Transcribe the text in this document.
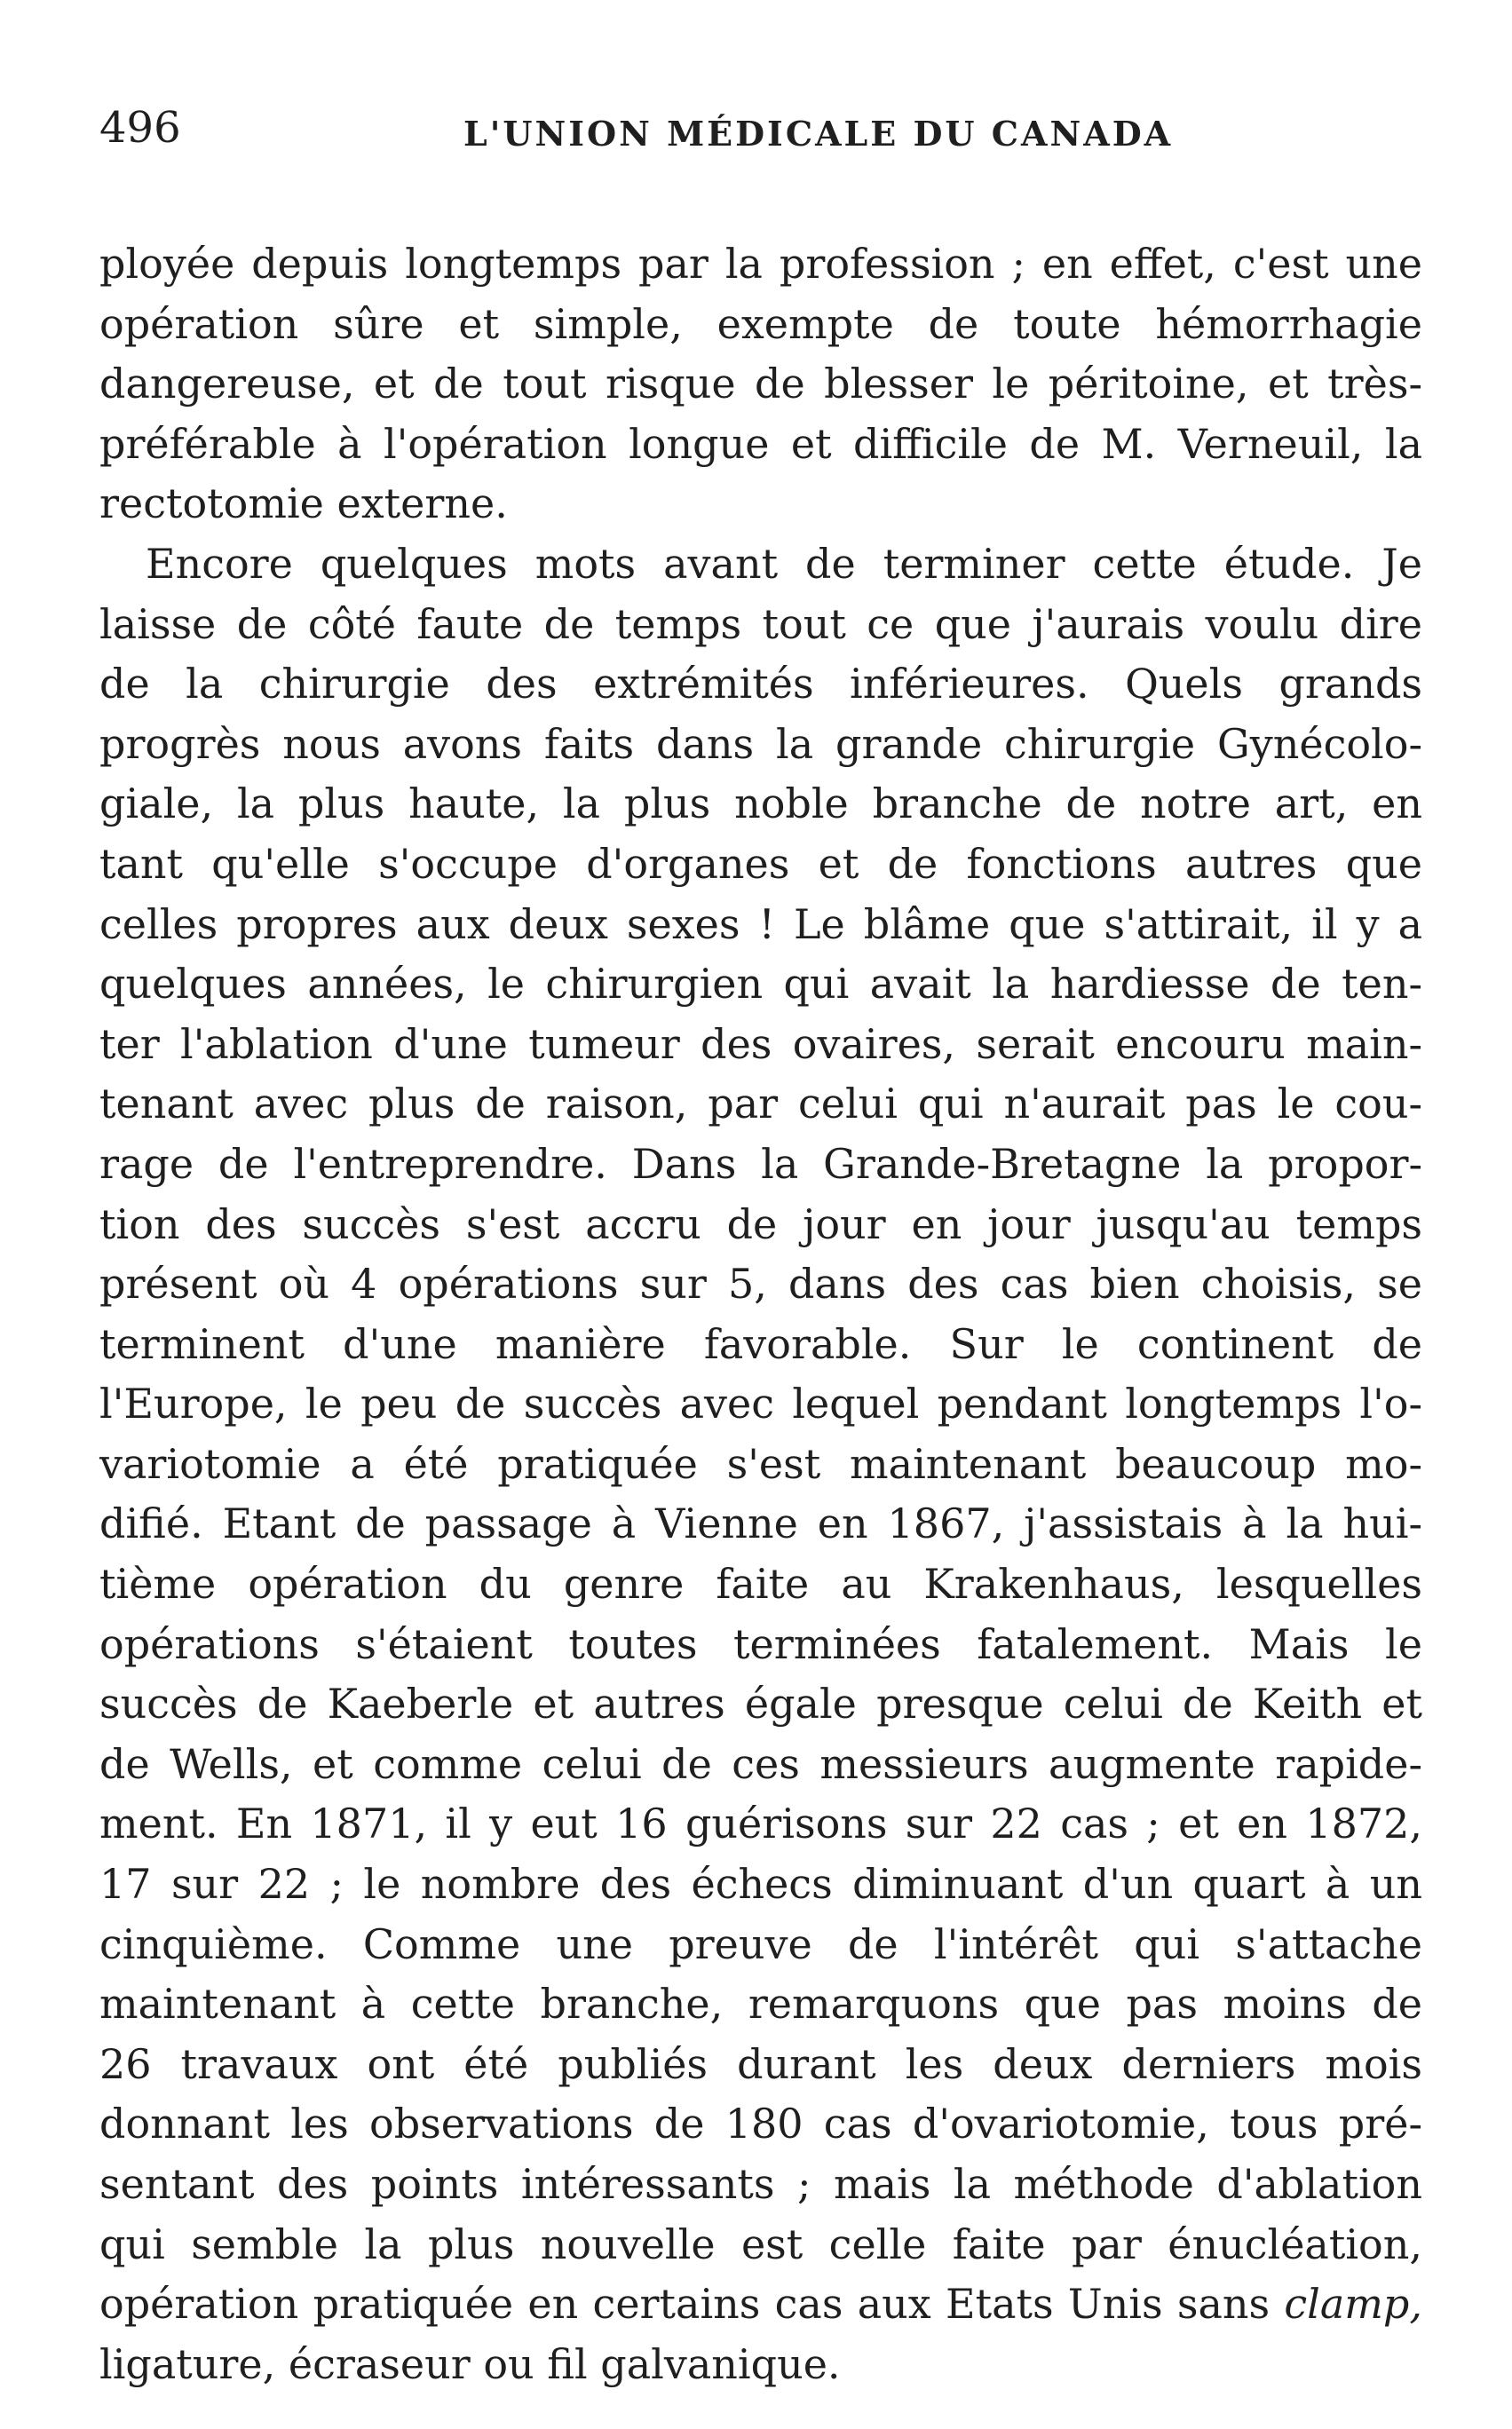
496	L'UNION MÉDICALE DU CANADA
ployée depuis longtemps par la profession ; en effet, c'est une
opération sûre et simple, exempte de toute hémorrhagie
dangereuse, et de tout risque de blesser le péritoine, et très-
préférable à l'opération longue et difficile de M. Verneuil, la
rectotomie externe.
Encore quelques mots avant de terminer cette étude. Je
laisse de côté faute de temps tout ce que j'aurais voulu dire
de la chirurgie des extrémités inférieures. Quels grands
progrès nous avons faits dans la grande chirurgie Gynécolo-
giale, la plus haute, la plus noble branche de notre art, en
tant qu'elle s'occupe d'organes et de fonctions autres que
celles propres aux deux sexes ! Le blâme que s'attirait, il y a
quelques années, le chirurgien qui avait la hardiesse de ten-
ter l'ablation d'une tumeur des ovaires, serait encouru main-
tenant avec plus de raison, par celui qui n'aurait pas le cou-
rage de l'entreprendre. Dans la Grande-Bretagne la propor-
tion des succès s'est accru de jour en jour jusqu'au temps
présent où 4 opérations sur 5, dans des cas bien choisis, se
terminent d'une manière favorable. Sur le continent de
l'Europe, le peu de succès avec lequel pendant longtemps l'o-
variotomie a été pratiquée s'est maintenant beaucoup mo-
difié. Etant de passage à Vienne en 1867, j'assistais à la hui-
tième opération du genre faite au Krakenhaus, lesquelles
opérations s'étaient toutes terminées fatalement. Mais le
succès de Kaeberle et autres égale presque celui de Keith et
de Wells, et comme celui de ces messieurs augmente rapide-
ment. En 1871, il y eut 16 guérisons sur 22 cas ; et en 1872,
17 sur 22 ; le nombre des échecs diminuant d'un quart à un
cinquième. Comme une preuve de l'intérêt qui s'attache
maintenant à cette branche, remarquons que pas moins de
26 travaux ont été publiés durant les deux derniers mois
donnant les observations de 180 cas d'ovariotomie, tous pré-
sentant des points intéressants ; mais la méthode d'ablation
qui semble la plus nouvelle est celle faite par énucléation,
opération pratiquée en certains cas aux Etats Unis sans clamp,
ligature, écraseur ou fil galvanique.
